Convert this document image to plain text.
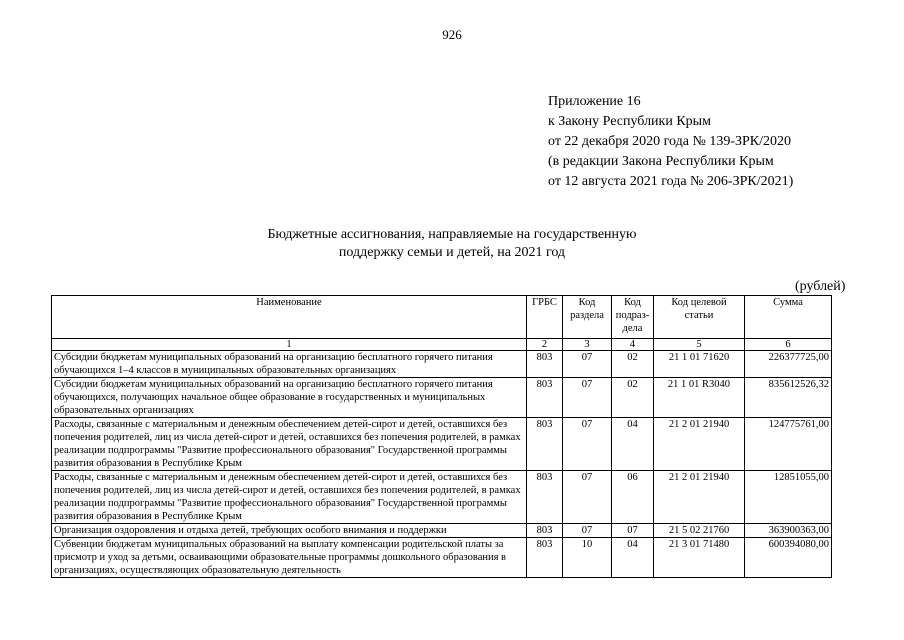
926
Приложение 16
к Закону Республики Крым
от 22 декабря 2020 года № 139-ЗРК/2020
(в редакции Закона Республики Крым
от 12 августа 2021 года № 206-ЗРК/2021)
Бюджетные ассигнования, направляемые на государственную
поддержку семьи и детей, на 2021 год
(рублей)
Наименование	ГРБС	Код раздела	Код подраз-дела	Код целевой статьи	Сумма
1	2	3	4	5	6
Субсидии бюджетам муниципальных образований на организацию бесплатного горячего питания обучающихся 1–4 классов в муниципальных образовательных организациях	803	07	02	21 1 01 71620	226377725,00
Субсидии бюджетам муниципальных образований на организацию бесплатного горячего питания обучающихся, получающих начальное общее образование в государственных и муниципальных образовательных организациях	803	07	02	21 1 01 R3040	835612526,32
Расходы, связанные с материальным и денежным обеспечением детей-сирот и детей, оставшихся без попечения родителей, лиц из числа детей-сирот и детей, оставшихся без попечения родителей, в рамках реализации подпрограммы "Развитие профессионального образования" Государственной программы развития образования в Республике Крым	803	07	04	21 2 01 21940	124775761,00
Расходы, связанные с материальным и денежным обеспечением детей-сирот и детей, оставшихся без попечения родителей, лиц из числа детей-сирот и детей, оставшихся без попечения родителей, в рамках реализации подпрограммы "Развитие профессионального образования" Государственной программы развития образования в Республике Крым	803	07	06	21 2 01 21940	12851055,00
Организация оздоровления и отдыха детей, требующих особого внимания и поддержки	803	07	07	21 5 02 21760	363900363,00
Субвенции бюджетам муниципальных образований на выплату компенсации родительской платы за присмотр и уход за детьми, осваивающими образовательные программы дошкольного образования в организациях, осуществляющих образовательную деятельность	803	10	04	21 3 01 71480	600394080,00
